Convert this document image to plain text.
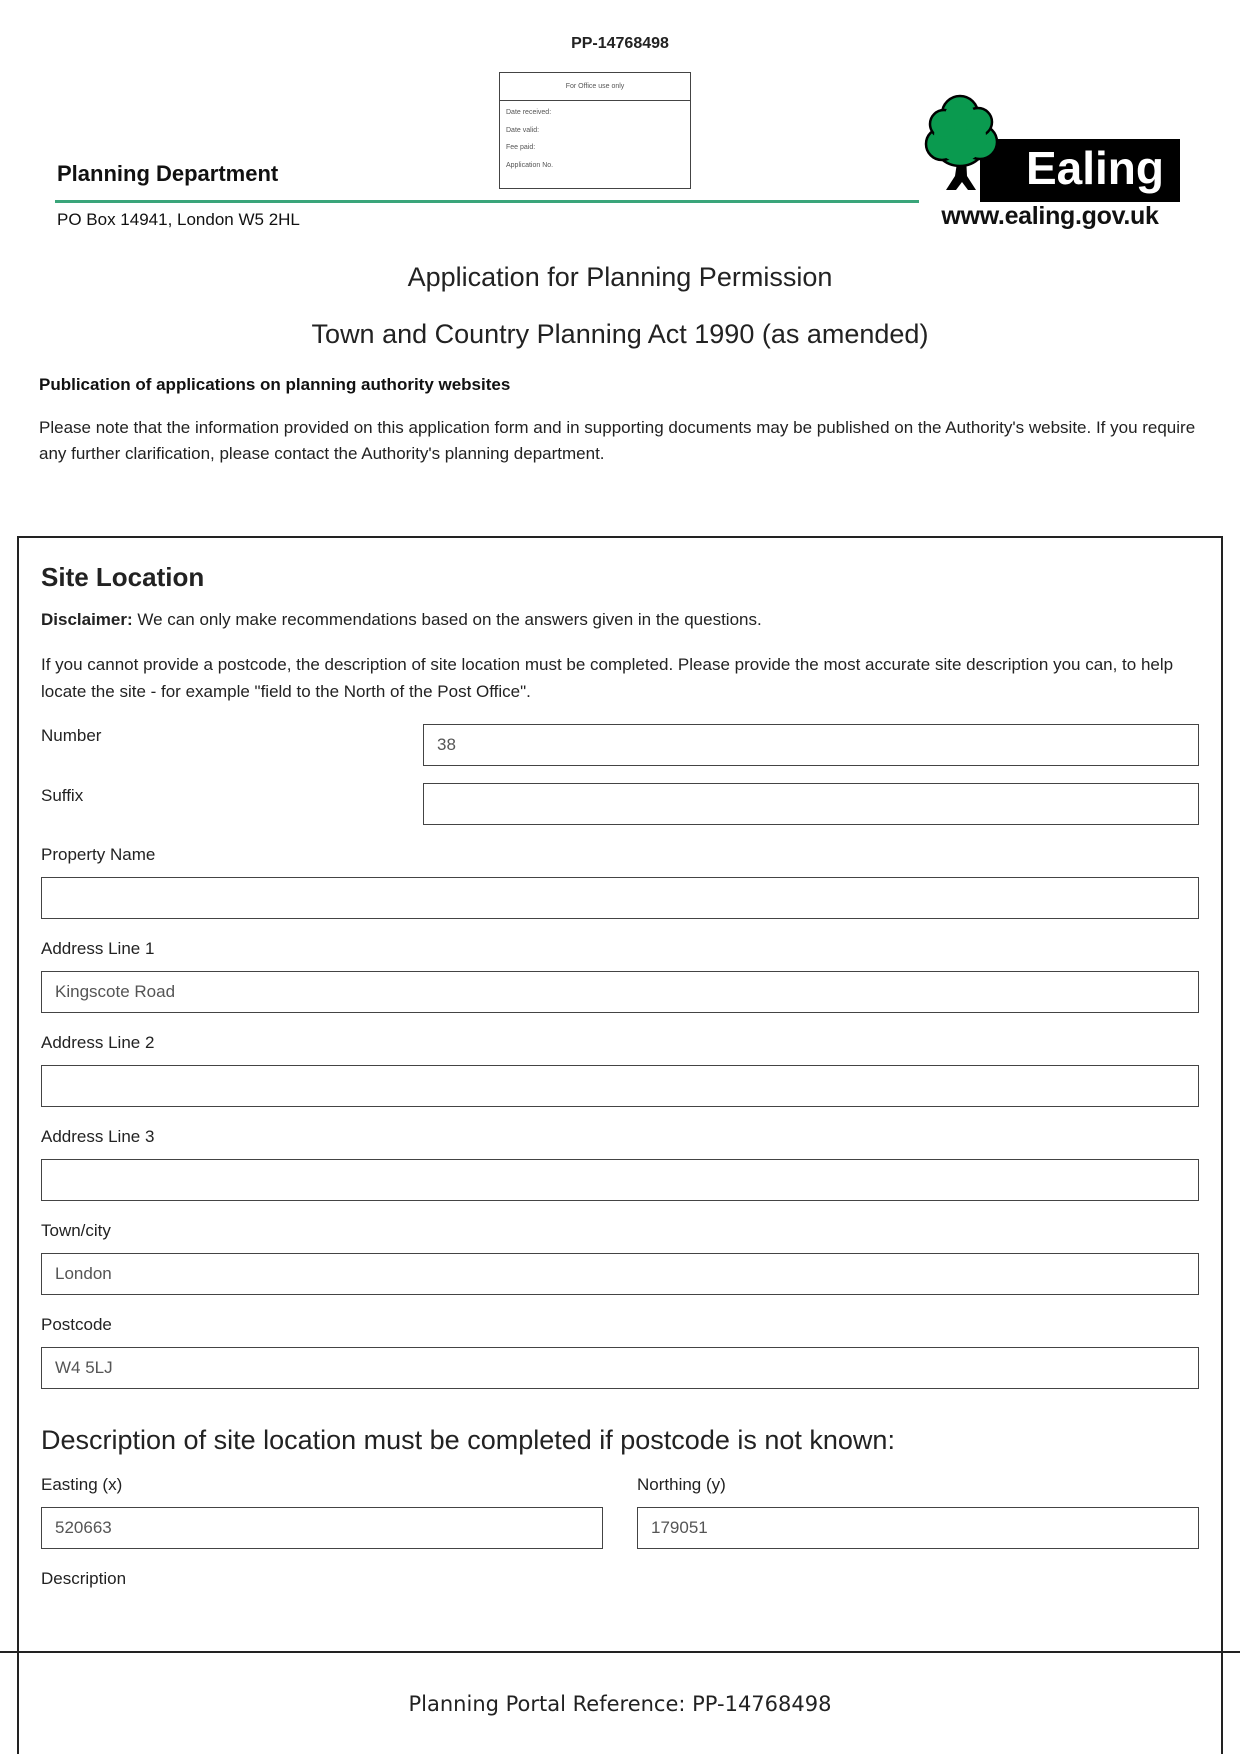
PP-14768498
For Office use only
Date received:
Date valid:
Fee paid:
Application No.
Planning Department
PO Box 14941, London W5 2HL
Ealing
www.ealing.gov.uk
Application for Planning Permission
Town and Country Planning Act 1990 (as amended)
Publication of applications on planning authority websites
Please note that the information provided on this application form and in supporting documents may be published on the Authority's website. If you require any further clarification, please contact the Authority's planning department.
Site Location
Disclaimer: We can only make recommendations based on the answers given in the questions.
If you cannot provide a postcode, the description of site location must be completed. Please provide the most accurate site description you can, to help locate the site - for example "field to the North of the Post Office".
Number
38
Suffix
Property Name
Address Line 1
Kingscote Road
Address Line 2
Address Line 3
Town/city
London
Postcode
W4 5LJ
Description of site location must be completed if postcode is not known:
Easting (x)
520663	Northing (y)
179051
Description
Planning Portal Reference: PP-14768498
